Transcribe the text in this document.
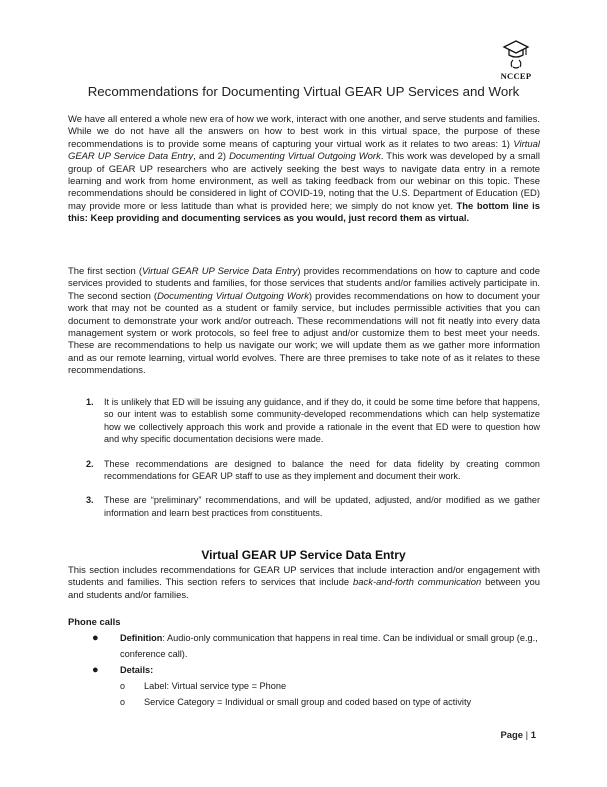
NCCEP
Recommendations for Documenting Virtual GEAR UP Services and Work

We have all entered a whole new era of how we work, interact with one another, and serve students and families. While we do not have all the answers on how to best work in this virtual space, the purpose of these recommendations is to provide some means of capturing your virtual work as it relates to two areas: 1) Virtual GEAR UP Service Data Entry, and 2) Documenting Virtual Outgoing Work. This work was developed by a small group of GEAR UP researchers who are actively seeking the best ways to navigate data entry in a remote learning and work from home environment, as well as taking feedback from our webinar on this topic. These recommendations should be considered in light of COVID-19, noting that the U.S. Department of Education (ED) may provide more or less latitude than what is provided here; we simply do not know yet. The bottom line is this: Keep providing and documenting services as you would, just record them as virtual.

The first section (Virtual GEAR UP Service Data Entry) provides recommendations on how to capture and code services provided to students and families, for those services that students and/or families actively participate in. The second section (Documenting Virtual Outgoing Work) provides recommendations on how to document your work that may not be counted as a student or family service, but includes permissible activities that you can document to demonstrate your work and/or outreach. These recommendations will not fit neatly into every data management system or work protocols, so feel free to adjust and/or customize them to best meet your needs. These are recommendations to help us navigate our work; we will update them as we gather more information and as our remote learning, virtual world evolves. There are three premises to take note of as it relates to these recommendations.

1. It is unlikely that ED will be issuing any guidance, and if they do, it could be some time before that happens, so our intent was to establish some community-developed recommendations which can help systematize how we collectively approach this work and provide a rationale in the event that ED were to question how and why specific documentation decisions were made.
2. These recommendations are designed to balance the need for data fidelity by creating common recommendations for GEAR UP staff to use as they implement and document their work.
3. These are “preliminary” recommendations, and will be updated, adjusted, and/or modified as we gather information and learn best practices from constituents.
Virtual GEAR UP Service Data Entry

This section includes recommendations for GEAR UP services that include interaction and/or engagement with students and families. This section refers to services that include back-and-forth communication between you and students and/or families.

Phone calls

● Definition: Audio-only communication that happens in real time. Can be individual or small group (e.g., conference call).
● Details:
o Label: Virtual service type = Phone
o Service Category = Individual or small group and coded based on type of activity
Page | 1
